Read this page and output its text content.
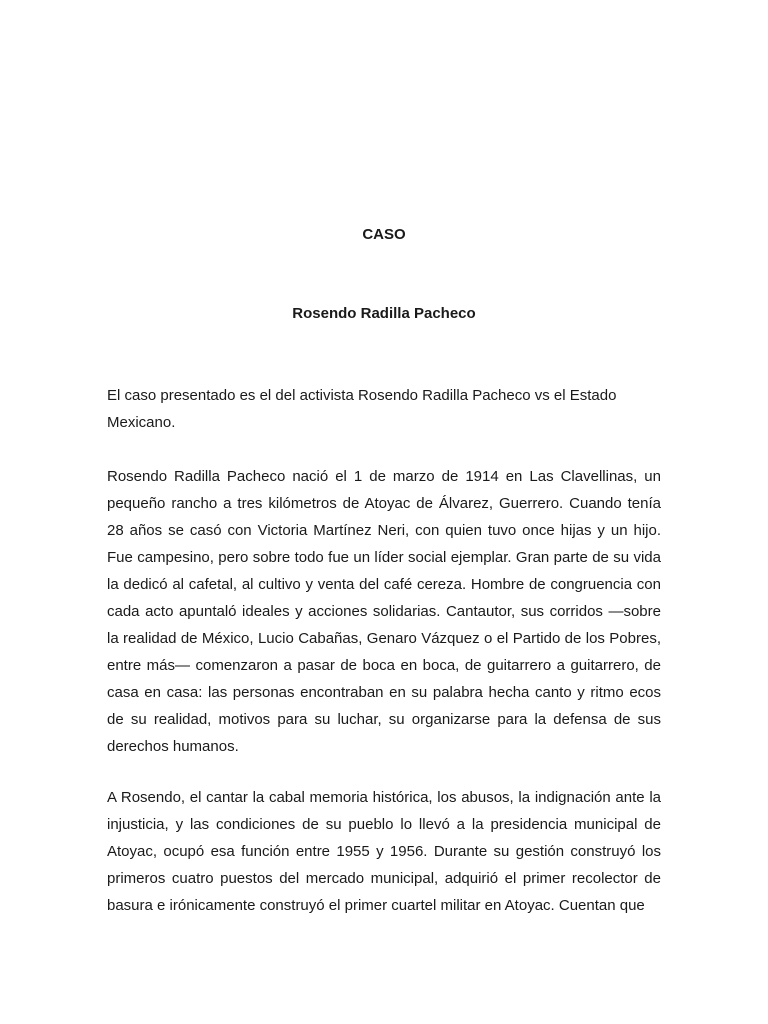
CASO
Rosendo Radilla Pacheco

El caso presentado es el del activista Rosendo Radilla Pacheco vs el Estado Mexicano.

Rosendo Radilla Pacheco nació el 1 de marzo de 1914 en Las Clavellinas, un pequeño rancho a tres kilómetros de Atoyac de Álvarez, Guerrero. Cuando tenía 28 años se casó con Victoria Martínez Neri, con quien tuvo once hijas y un hijo. Fue campesino, pero sobre todo fue un líder social ejemplar. Gran parte de su vida la dedicó al cafetal, al cultivo y venta del café cereza. Hombre de congruencia con cada acto apuntaló ideales y acciones solidarias. Cantautor, sus corridos —sobre la realidad de México, Lucio Cabañas, Genaro Vázquez o el Partido de los Pobres, entre más— comenzaron a pasar de boca en boca, de guitarrero a guitarrero, de casa en casa: las personas encontraban en su palabra hecha canto y ritmo ecos de su realidad, motivos para su luchar, su organizarse para la defensa de sus derechos humanos.

A Rosendo, el cantar la cabal memoria histórica, los abusos, la indignación ante la injusticia, y las condiciones de su pueblo lo llevó a la presidencia municipal de Atoyac, ocupó esa función entre 1955 y 1956. Durante su gestión construyó los primeros cuatro puestos del mercado municipal, adquirió el primer recolector de basura e irónicamente construyó el primer cuartel militar en Atoyac. Cuentan que
